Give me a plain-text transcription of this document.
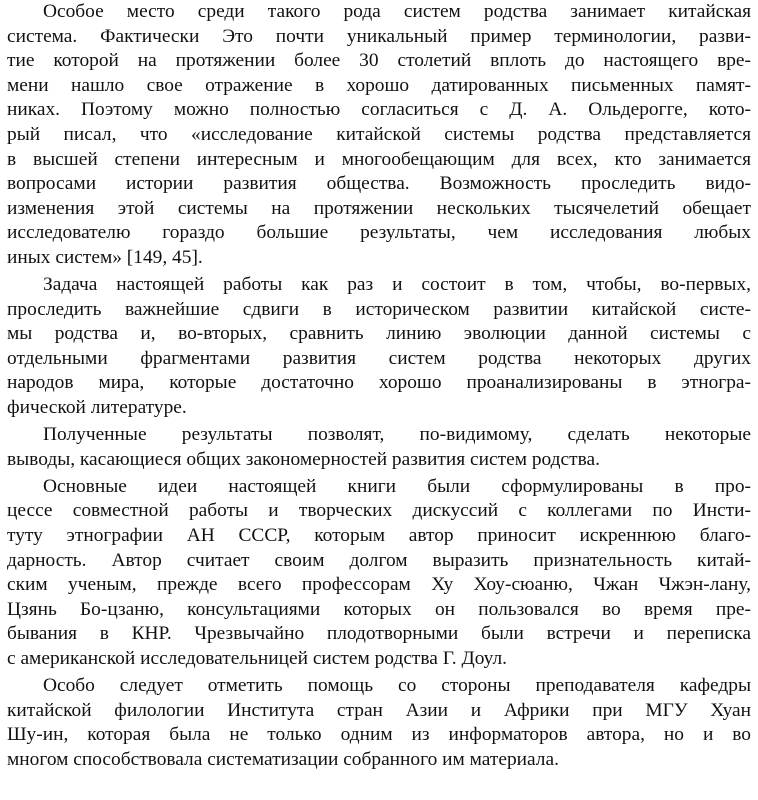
Особое место среди такого рода систем родства занимает китайская
система. Фактически Это почти уникальный пример терминологии, разви-
тие которой на протяжении более 30 столетий вплоть до настоящего вре-
мени нашло свое отражение в хорошо датированных письменных памят-
никах. Поэтому можно полностью согласиться с Д. А. Ольдерогге, кото-
рый писал, что «исследование китайской системы родства представляется
в высшей степени интересным и многообещающим для всех, кто занимается
вопросами истории развития общества. Возможность проследить видо-
изменения этой системы на протяжении нескольких тысячелетий обещает
исследователю гораздо большие результаты, чем исследования любых
иных систем» [149, 45].

Задача настоящей работы как раз и состоит в том, чтобы, во-первых,
проследить важнейшие сдвиги в историческом развитии китайской систе-
мы родства и, во-вторых, сравнить линию эволюции данной системы с
отдельными фрагментами развития систем родства некоторых других
народов мира, которые достаточно хорошо проанализированы в этногра-
фической литературе.

Полученные результаты позволят, по-видимому, сделать некоторые
выводы, касающиеся общих закономерностей развития систем родства.

Основные идеи настоящей книги были сформулированы в про-
цессе совместной работы и творческих дискуссий с коллегами по Инсти-
туту этнографии АН СССР, которым автор приносит искреннюю благо-
дарность. Автор считает своим долгом выразить признательность китай-
ским ученым, прежде всего профессорам Ху Хоу-сюаню, Чжан Чжэн-лану,
Цзянь Бо-цзаню, консультациями которых он пользовался во время пре-
бывания в КНР. Чрезвычайно плодотворными были встречи и переписка
с американской исследовательницей систем родства Г. Доул.

Особо следует отметить помощь со стороны преподавателя кафедры
китайской филологии Института стран Азии и Африки при МГУ Хуан
Шу-ин, которая была не только одним из информаторов автора, но и во
многом способствовала систематизации собранного им материала.
